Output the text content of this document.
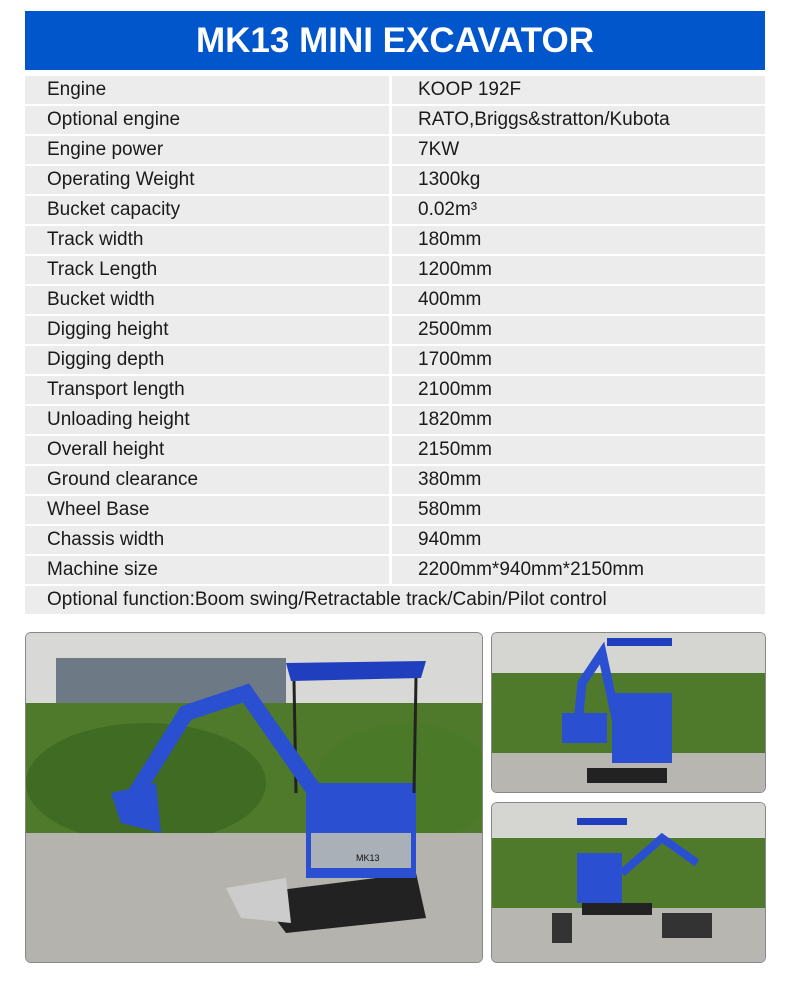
MK13 MINI EXCAVATOR
Engine	KOOP 192F
Optional engine	RATO,Briggs&stratton/Kubota
Engine power	7KW
Operating Weight	1300kg
Bucket capacity	0.02m³
Track width	180mm
Track Length	1200mm
Bucket width	400mm
Digging height	2500mm
Digging depth	1700mm
Transport length	2100mm
Unloading height	1820mm
Overall height	2150mm
Ground clearance	380mm
Wheel Base	580mm
Chassis width	940mm
Machine size	2200mm*940mm*2150mm
Optional function:Boom swing/Retractable track/Cabin/Pilot control
MK13
